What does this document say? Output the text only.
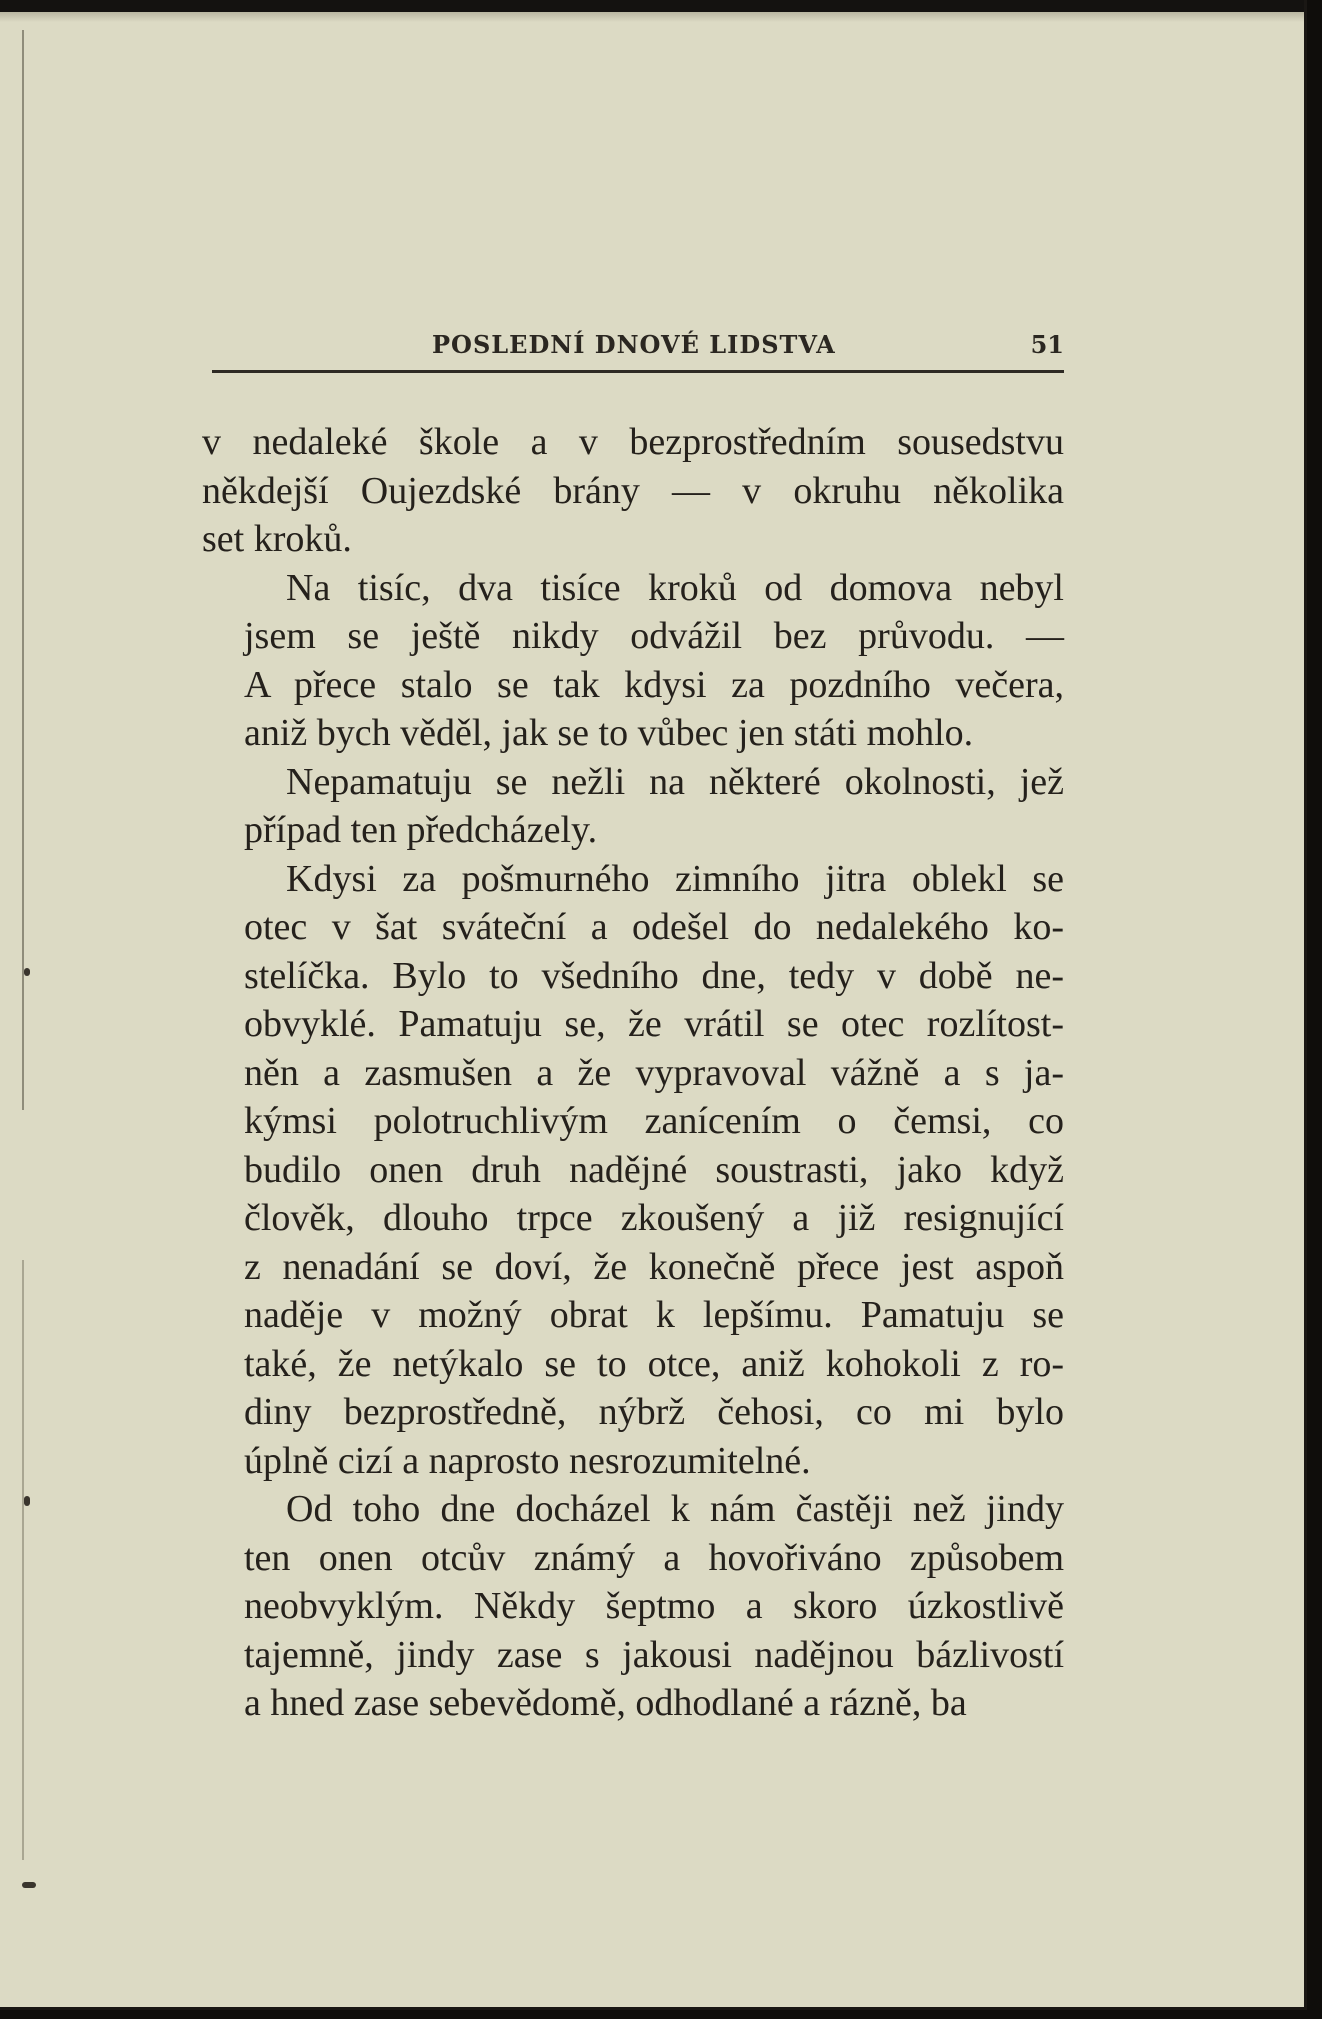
POSLEDNÍ DNOVÉ LIDSTVA	51
v nedaleké škole a v bezprostředním sousedstvu
někdejší Oujezdské brány — v okruhu několika
set kroků.
Na tisíc, dva tisíce kroků od domova nebyl
jsem se ještě nikdy odvážil bez průvodu. —
A přece stalo se tak kdysi za pozdního večera,
aniž bych věděl, jak se to vůbec jen státi mohlo.
Nepamatuju se nežli na některé okolnosti, jež
případ ten předcházely.
Kdysi za pošmurného zimního jitra oblekl se
otec v šat sváteční a odešel do nedalekého ko-
stelíčka. Bylo to všedního dne, tedy v době ne-
obvyklé. Pamatuju se, že vrátil se otec rozlítost-
něn a zasmušen a že vypravoval vážně a s ja-
kýmsi polotruchlivým zanícením o čemsi, co
budilo onen druh nadějné soustrasti, jako když
člověk, dlouho trpce zkoušený a již resignující
z nenadání se doví, že konečně přece jest aspoň
naděje v možný obrat k lepšímu. Pamatuju se
také, že netýkalo se to otce, aniž kohokoli z ro-
diny bezprostředně, nýbrž čehosi, co mi bylo
úplně cizí a naprosto nesrozumitelné.
Od toho dne docházel k nám častěji než jindy
ten onen otcův známý a hovořiváno způsobem
neobvyklým. Někdy šeptmo a skoro úzkostlivě
tajemně, jindy zase s jakousi nadějnou bázlivostí
a hned zase sebevědomě, odhodlané a rázně, ba
